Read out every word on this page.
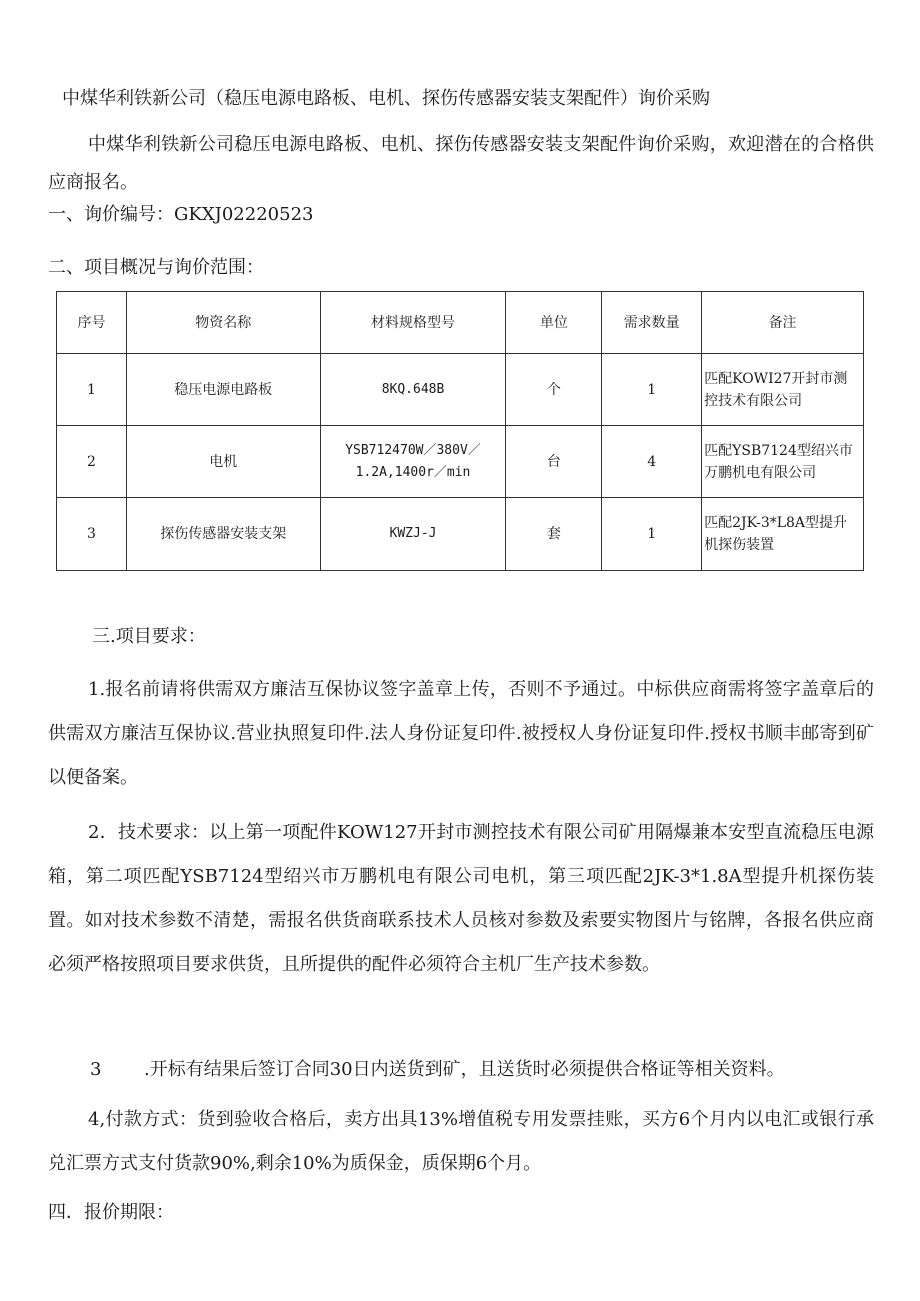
中煤华利铁新公司（稳压电源电路板、电机、探伤传感器安装支架配件）询价采购
中煤华利铁新公司稳压电源电路板、电机、探伤传感器安装支架配件询价采购，欢迎潜在的合格供应商报名。
一、询价编号：GKXJ02220523
二、项目概况与询价范围：
序号	物资名称	材料规格型号	单位	需求数量	备注
1	稳压电源电路板	8KQ.648B	个	1	匹配KOWI27开封市测控技术有限公司
2	电机	YSB712470W／380V／1.2A,1400r／min	台	4	匹配YSB7124型绍兴市万鹏机电有限公司
3	探伤传感器安装支架	KWZJ-J	套	1	匹配2JK-3*L8A型提升机探伤装置
三.项目要求：
1.报名前请将供需双方廉洁互保协议签字盖章上传，否则不予通过。中标供应商需将签字盖章后的供需双方廉洁互保协议.营业执照复印件.法人身份证复印件.被授权人身份证复印件.授权书顺丰邮寄到矿以便备案。
2．技术要求：以上第一项配件KOW127开封市测控技术有限公司矿用隔爆兼本安型直流稳压电源箱，第二项匹配YSB7124型绍兴市万鹏机电有限公司电机，第三项匹配2JK-3*1.8A型提升机探伤装置。如对技术参数不清楚，需报名供货商联系技术人员核对参数及索要实物图片与铭牌，各报名供应商必须严格按照项目要求供货，且所提供的配件必须符合主机厂生产技术参数。
3 .开标有结果后签订合同30日内送货到矿，且送货时必须提供合格证等相关资料。
4,付款方式：货到验收合格后，卖方出具13%增值税专用发票挂账，买方6个月内以电汇或银行承兑汇票方式支付货款90%,剩余10%为质保金，质保期6个月。
四．报价期限：
